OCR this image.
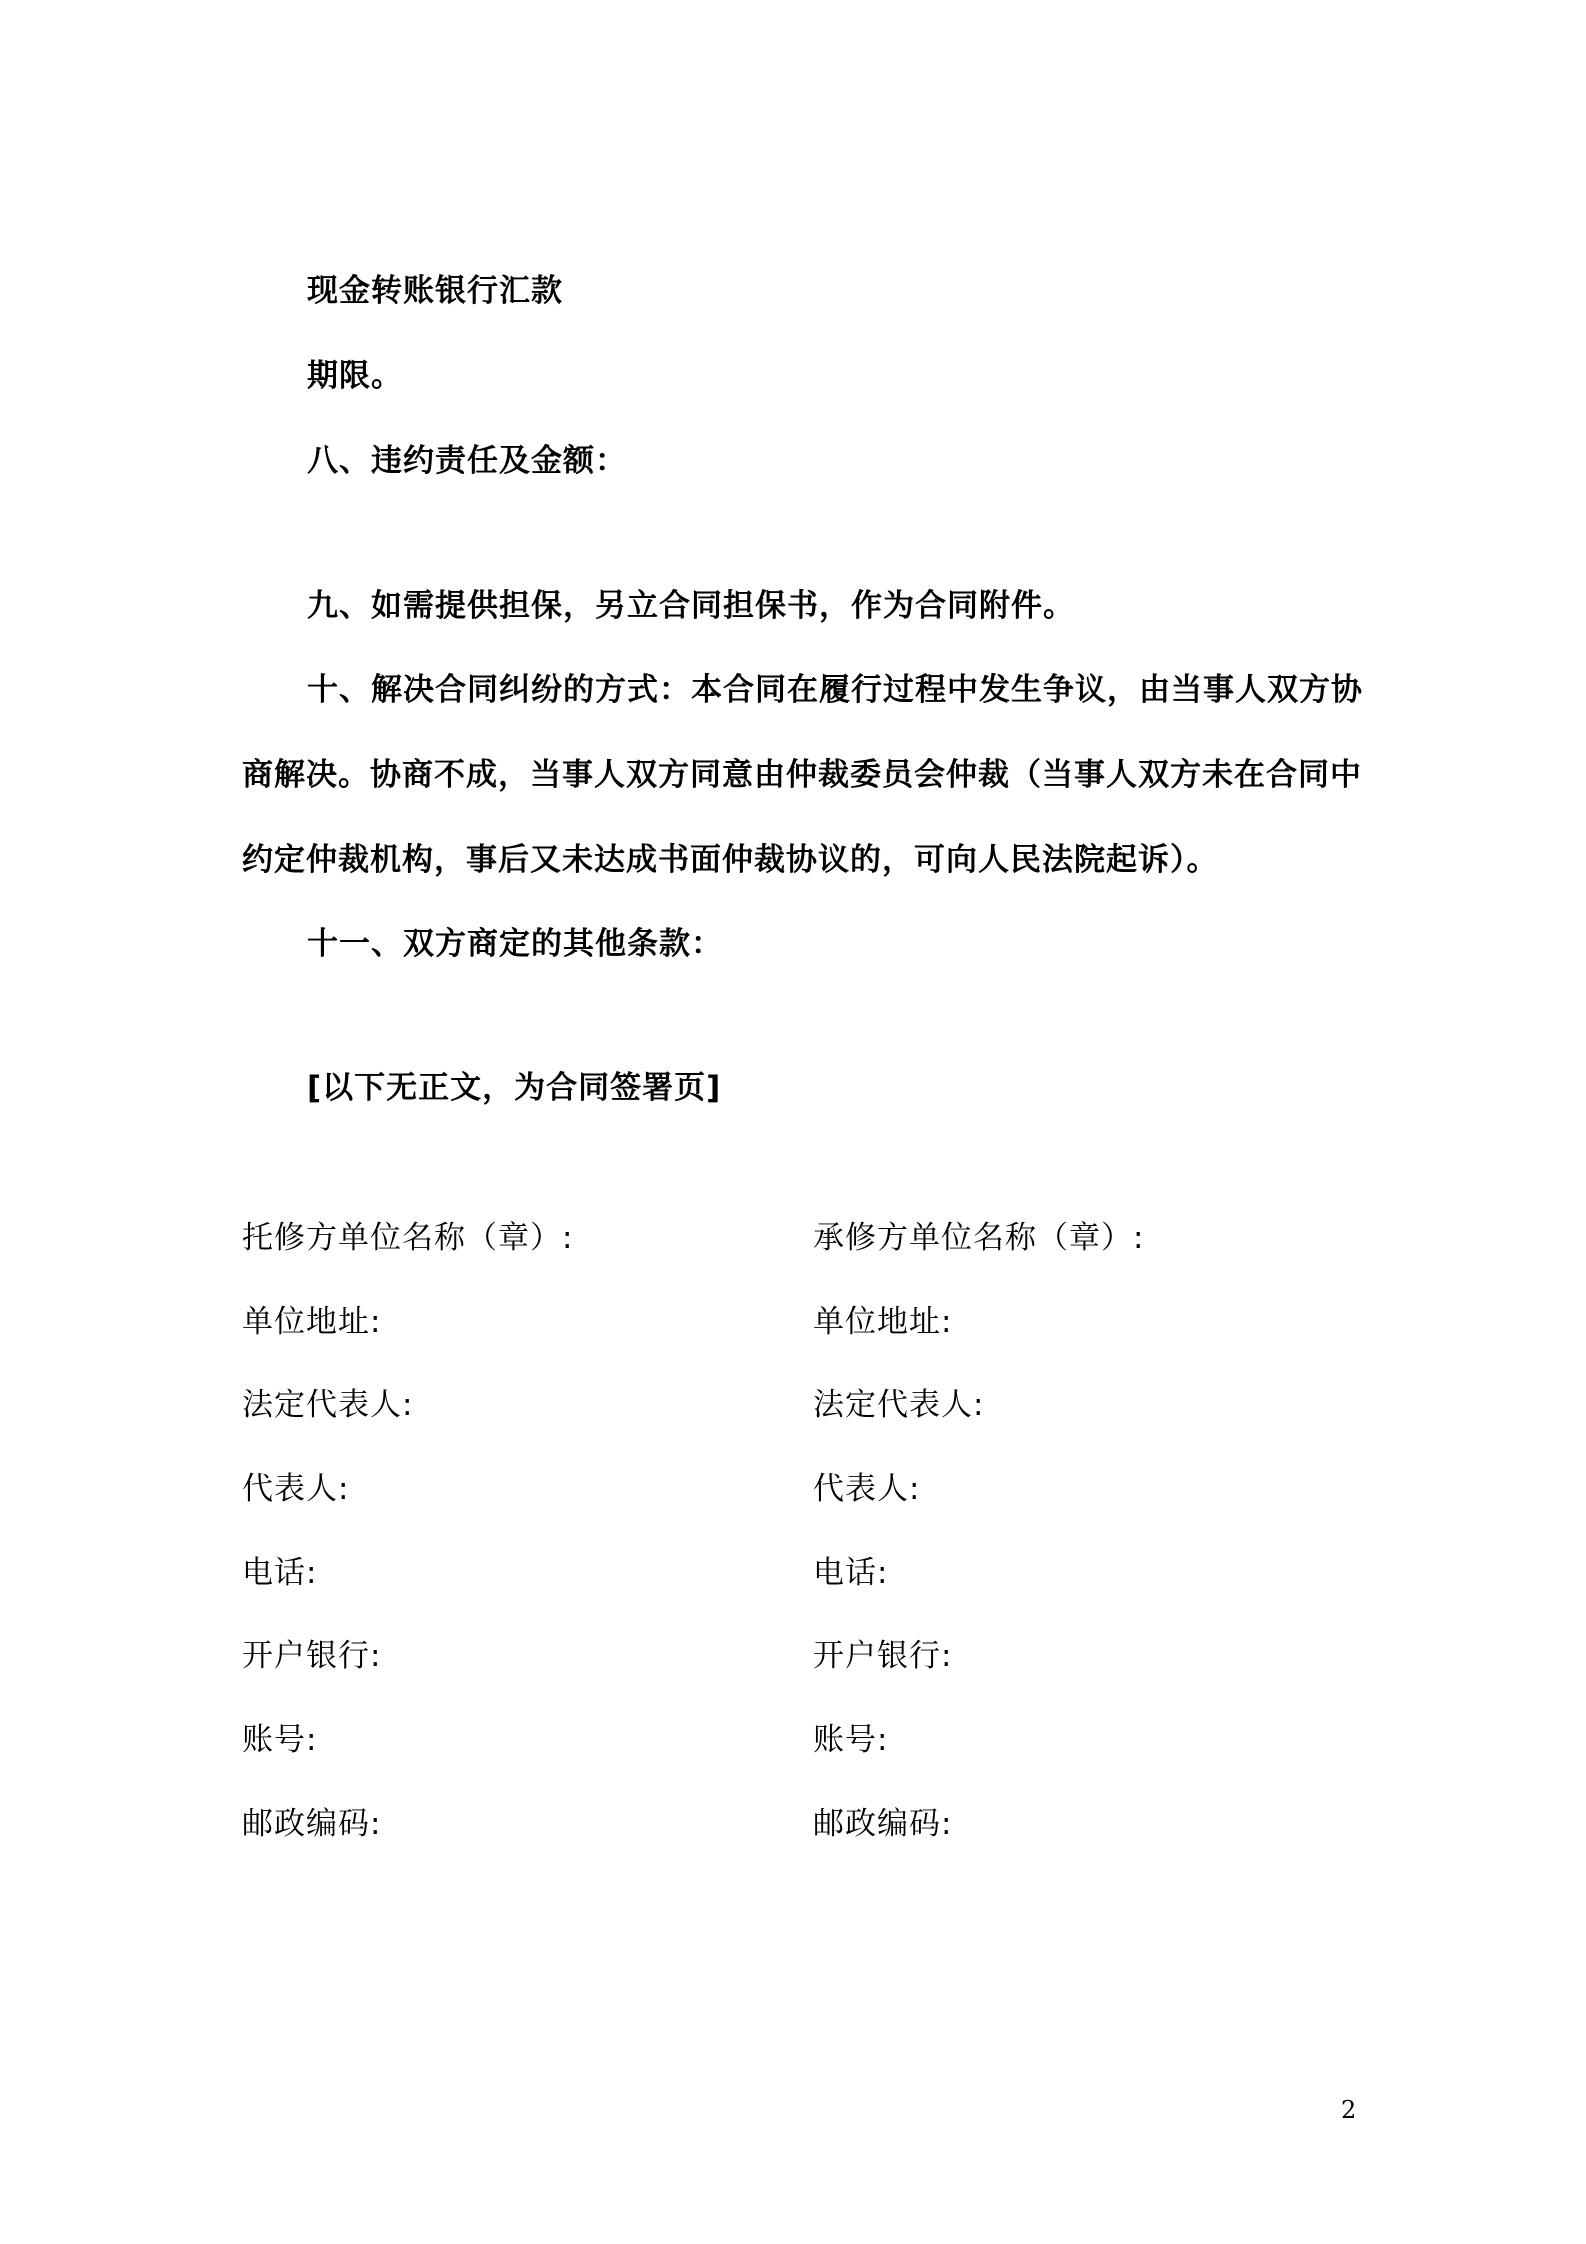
现金转账银行汇款
期限。
八、违约责任及金额：
九、如需提供担保，另立合同担保书，作为合同附件。
十、解决合同纠纷的方式：本合同在履行过程中发生争议，由当事人双方协
商解决。协商不成，当事人双方同意由仲裁委员会仲裁（当事人双方未在合同中
约定仲裁机构，事后又未达成书面仲裁协议的，可向人民法院起诉）。
十一、双方商定的其他条款：
[以下无正文，为合同签署页]
托修方单位名称（章）:
单位地址:
法定代表人:
代表人:
电话:
开户银行:
账号:
邮政编码:
承修方单位名称（章）:
单位地址:
法定代表人:
代表人:
电话:
开户银行:
账号:
邮政编码:
2
